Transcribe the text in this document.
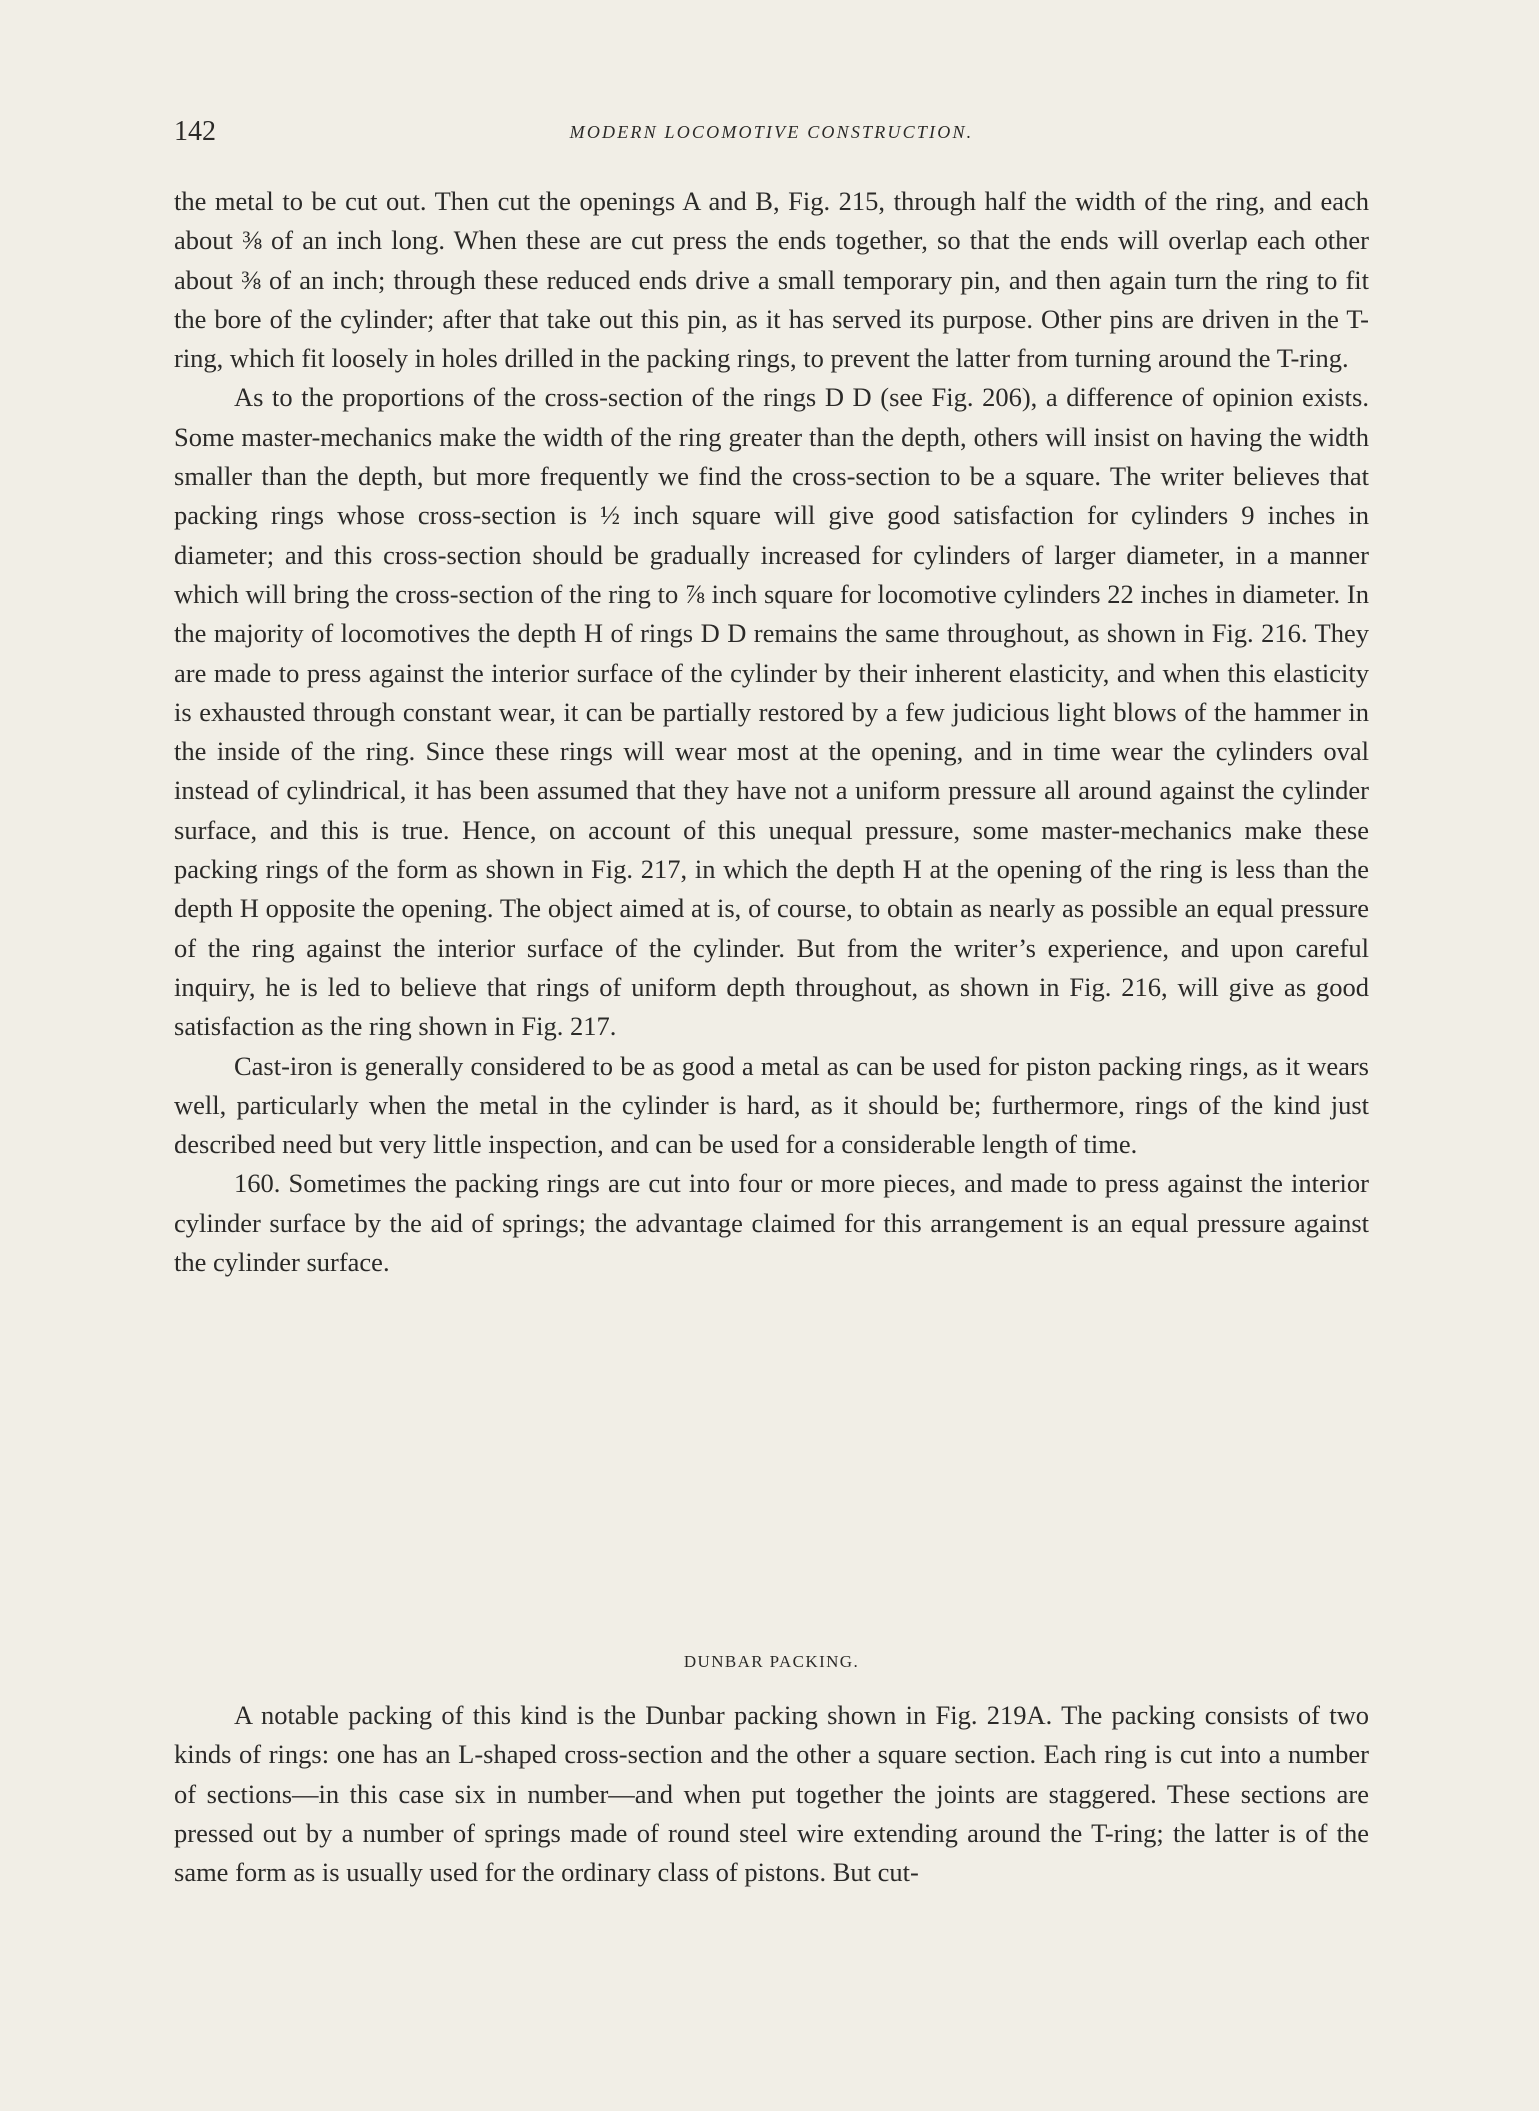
142	MODERN LOCOMOTIVE CONSTRUCTION.

the metal to be cut out. Then cut the openings A and B, Fig. 215, through half the width of the ring, and each about ⅜ of an inch long. When these are cut press the ends together, so that the ends will overlap each other about ⅜ of an inch; through these reduced ends drive a small temporary pin, and then again turn the ring to fit the bore of the cylinder; after that take out this pin, as it has served its purpose. Other pins are driven in the T-ring, which fit loosely in holes drilled in the packing rings, to prevent the latter from turning around the T-ring.

As to the proportions of the cross-section of the rings D D (see Fig. 206), a difference of opinion exists. Some master-mechanics make the width of the ring greater than the depth, others will insist on having the width smaller than the depth, but more frequently we find the cross-section to be a square. The writer believes that packing rings whose cross-section is ½ inch square will give good satisfaction for cylinders 9 inches in diameter; and this cross-section should be gradually increased for cylinders of larger diameter, in a manner which will bring the cross-section of the ring to ⅞ inch square for locomotive cylinders 22 inches in diameter. In the majority of locomotives the depth H of rings D D remains the same throughout, as shown in Fig. 216. They are made to press against the interior surface of the cylinder by their inherent elasticity, and when this elasticity is exhausted through constant wear, it can be partially restored by a few judicious light blows of the hammer in the inside of the ring. Since these rings will wear most at the opening, and in time wear the cylinders oval instead of cylindrical, it has been assumed that they have not a uniform pressure all around against the cylinder surface, and this is true. Hence, on account of this unequal pressure, some master-mechanics make these packing rings of the form as shown in Fig. 217, in which the depth H at the opening of the ring is less than the depth H opposite the opening. The object aimed at is, of course, to obtain as nearly as possible an equal pressure of the ring against the interior surface of the cylinder. But from the writer’s experience, and upon careful inquiry, he is led to believe that rings of uniform depth throughout, as shown in Fig. 216, will give as good satisfaction as the ring shown in Fig. 217.

Cast-iron is generally considered to be as good a metal as can be used for piston packing rings, as it wears well, particularly when the metal in the cylinder is hard, as it should be; furthermore, rings of the kind just described need but very little inspection, and can be used for a considerable length of time.

160. Sometimes the packing rings are cut into four or more pieces, and made to press against the interior cylinder surface by the aid of springs; the advantage claimed for this arrangement is an equal pressure against the cylinder surface.

DUNBAR PACKING.

A notable packing of this kind is the Dunbar packing shown in Fig. 219A. The packing consists of two kinds of rings: one has an L-shaped cross-section and the other a square section. Each ring is cut into a number of sections—in this case six in number—and when put together the joints are staggered. These sections are pressed out by a number of springs made of round steel wire extending around the T-ring; the latter is of the same form as is usually used for the ordinary class of pistons. But cut-
